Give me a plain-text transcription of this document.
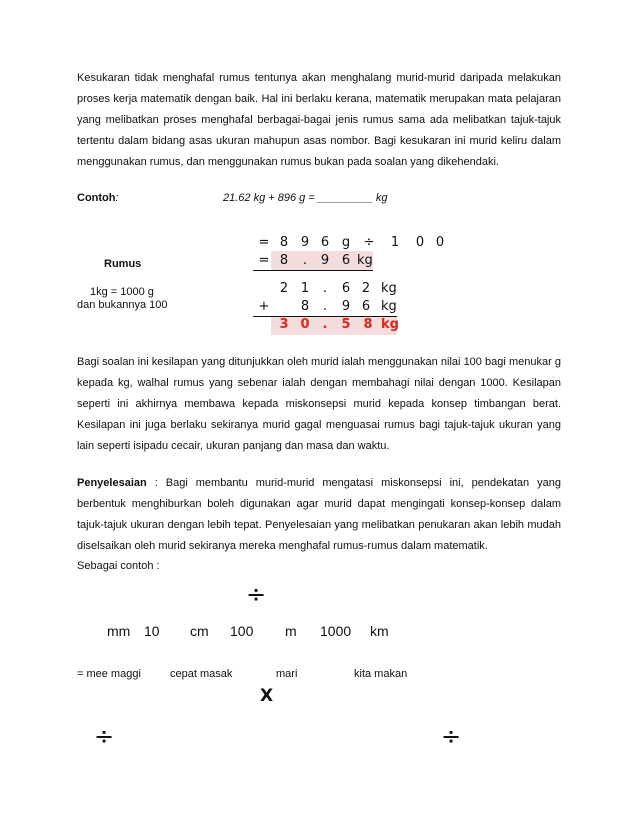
Kesukaran tidak menghafal rumus tentunya akan menghalang murid-murid daripada melakukan proses kerja matematik dengan baik. Hal ini berlaku kerana, matematik merupakan mata pelajaran yang melibatkan proses menghafal berbagai-bagai jenis rumus sama ada melibatkan tajuk-tajuk tertentu dalam bidang asas ukuran mahupun asas nombor. Bagi kesukaran ini murid keliru dalam menggunakan rumus, dan menggunakan rumus bukan pada soalan yang dikehendaki.

Contoh:	21.62 kg + 896 g = _________ kg
Rumus
1kg = 1000 g
dan bukannya 100
= 8 9 6 g ÷ 1 0 0
= 8	.	9 6 kg
2 1	.	6 2 kg
+ 8	.	9 6 kg
3 0	.	5 8 kg

Bagi soalan ini kesilapan yang ditunjukkan oleh murid ialah menggunakan nilai 100 bagi menukar g kepada kg, walhal rumus yang sebenar ialah dengan membahagi nilai dengan 1000. Kesilapan seperti ini akhirnya membawa kepada miskonsepsi murid kepada konsep timbangan berat. Kesilapan ini juga berlaku sekiranya murid gagal menguasai rumus bagi tajuk-tajuk ukuran yang lain seperti isipadu cecair, ukuran panjang dan masa dan waktu.

Penyelesaian : Bagi membantu murid-murid mengatasi miskonsepsi ini, pendekatan yang berbentuk menghiburkan boleh digunakan agar murid dapat mengingati konsep-konsep dalam tajuk-tajuk ukuran dengan lebih tepat. Penyelesaian yang melibatkan penukaran akan lebih mudah diselsaikan oleh murid sekiranya mereka menghafal rumus-rumus dalam matematik.

Sebagai contoh :
÷
mm 10 cm 100 m 1000 km
= mee maggi	cepat masak	mari	kita makan
X
÷	÷
